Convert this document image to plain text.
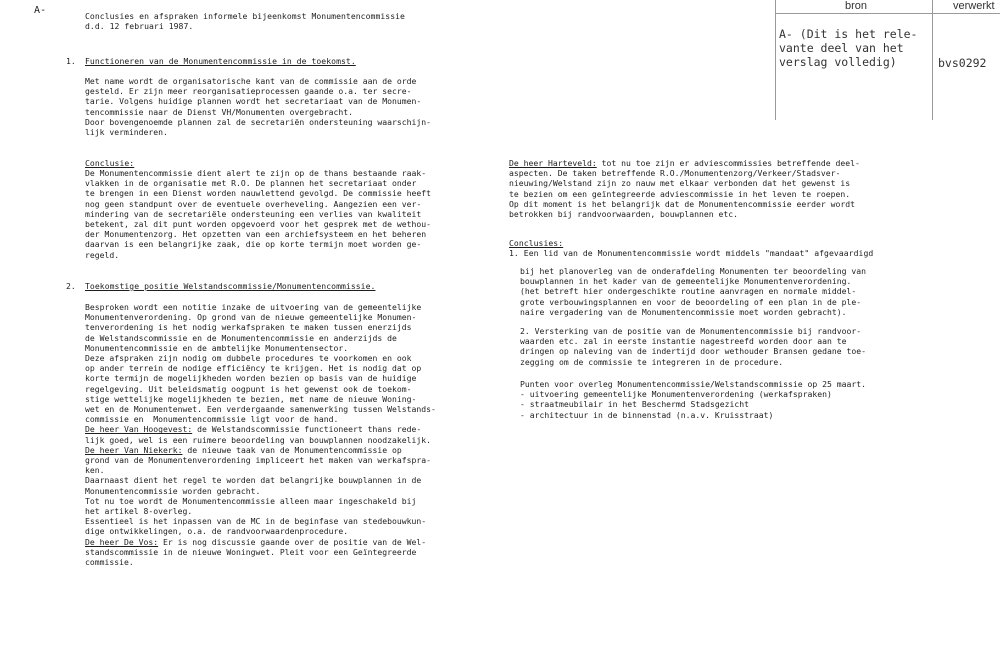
A-	Conclusies en afspraken informele bijeenkomst Monumentencommissie
d.d. 12 februari 1987.
bron	verwerkt
A- (Dit is het rele-
vante deel van het
verslag volledig)	bvs0292
1. Functioneren van de Monumentencommissie in de toekomst.
Met name wordt de organisatorische kant van de commissie aan de orde
gesteld. Er zijn meer reorganisatieprocessen gaande o.a. ter secre-
tarie. Volgens huidige plannen wordt het secretariaat van de Monumen-
tencommissie naar de Dienst VH/Monumenten overgebracht.
Door bovengenoemde plannen zal de secretariën ondersteuning waarschijn-
lijk verminderen.
Conclusie:
De Monumentencommissie dient alert te zijn op de thans bestaande raak-
vlakken in de organisatie met R.O. De plannen het secretariaat onder
te brengen in een Dienst worden nauwlettend gevolgd. De commissie heeft
nog geen standpunt over de eventuele overheveling. Aangezien een ver-
mindering van de secretariële ondersteuning een verlies van kwaliteit
betekent, zal dit punt worden opgevoerd voor het gesprek met de wethou-
der Monumentenzorg. Het opzetten van een archiefsysteem en het beheren
daarvan is een belangrijke zaak, die op korte termijn moet worden ge-
regeld.
2. Toekomstige positie Welstandscommissie/Monumentencommissie.
Besproken wordt een notitie inzake de uitvoering van de gemeentelijke
Monumentenverordening. Op grond van de nieuwe gemeentelijke Monumen-
tenverordening is het nodig werkafspraken te maken tussen enerzijds
de Welstandscommissie en de Monumentencommissie en anderzijds de
Monumentencommissie en de ambtelijke Monumentensector.
Deze afspraken zijn nodig om dubbele procedures te voorkomen en ook
op ander terrein de nodige efficiëncy te krijgen. Het is nodig dat op
korte termijn de mogelijkheden worden bezien op basis van de huidige
regelgeving. Uit beleidsmatig oogpunt is het gewenst ook de toekom-
stige wettelijke mogelijkheden te bezien, met name de nieuwe Woning-
wet en de Monumentenwet. Een verdergaande samenwerking tussen Welstands-
commissie en  Monumentencommissie ligt voor de hand.
De heer Van Hoogevest: de Welstandscommissie functioneert thans rede-
lijk goed, wel is een ruimere beoordeling van bouwplannen noodzakelijk.
De heer Van Niekerk: de nieuwe taak van de Monumentencommissie op
grond van de Monumentenverordening impliceert het maken van werkafspra-
ken.
Daarnaast dient het regel te worden dat belangrijke bouwplannen in de
Monumentencommissie worden gebracht.
Tot nu toe wordt de Monumentencommissie alleen maar ingeschakeld bij
het artikel 8-overleg.
Essentieel is het inpassen van de MC in de beginfase van stedebouwkun-
dige ontwikkelingen, o.a. de randvoorwaardenprocedure.
De heer De Vos: Er is nog discussie gaande over de positie van de Wel-
standscommissie in de nieuwe Woningwet. Pleit voor een Geïntegreerde
commissie.
De heer Harteveld: tot nu toe zijn er adviescommissies betreffende deel-
aspecten. De taken betreffende R.O./Monumentenzorg/Verkeer/Stadsver-
nieuwing/Welstand zijn zo nauw met elkaar verbonden dat het gewenst is
te bezien om een geïntegreerde adviescommissie in het leven te roepen.
Op dit moment is het belangrijk dat de Monumentencommissie eerder wordt
betrokken bij randvoorwaarden, bouwplannen etc.
Conclusies:
1. Een lid van de Monumentencommissie wordt middels "mandaat" afgevaardigd
bij het planoverleg van de onderafdeling Monumenten ter beoordeling van
bouwplannen in het kader van de gemeentelijke Monumentenverordening.
(het betreft hier ondergeschikte routine aanvragen en normale middel-
grote verbouwingsplannen en voor de beoordeling of een plan in de ple-
naire vergadering van de Monumentencommissie moet worden gebracht).
2. Versterking van de positie van de Monumentencommissie bij randvoor-
waarden etc. zal in eerste instantie nagestreefd worden door aan te
dringen op naleving van de indertijd door wethouder Bransen gedane toe-
zegging om de commissie te integreren in de procedure.
Punten voor overleg Monumentencommissie/Welstandscommissie op 25 maart.
- uitvoering gemeentelijke Monumentenverordening (werkafspraken)
- straatmeubilair in het Beschermd Stadsgezicht
- architectuur in de binnenstad (n.a.v. Kruisstraat)
